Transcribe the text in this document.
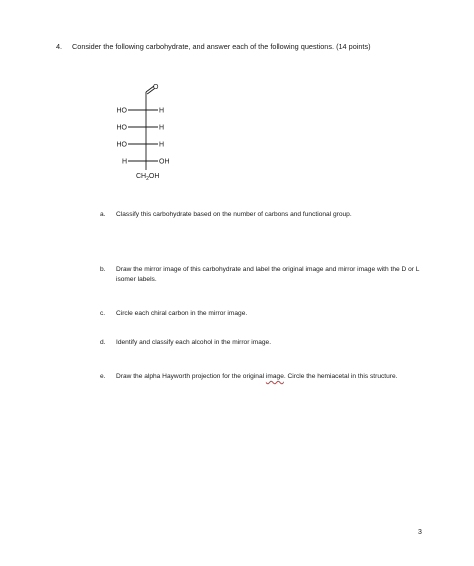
4. Consider the following carbohydrate, and answer each of the following questions. (14 points)
O
HO	H
HO	H
HO	H
H	OH
$CH_2OH$
a.	Classify this carbohydrate based on the number of carbons and functional group.
b.	Draw the mirror image of this carbohydrate and label the original image and mirror image with the D or L isomer labels.
c.	Circle each chiral carbon in the mirror image.
d.	Identify and classify each alcohol in the mirror image.
e.	Draw the alpha Hayworth projection for the original image. Circle the hemiacetal in this structure.
3
